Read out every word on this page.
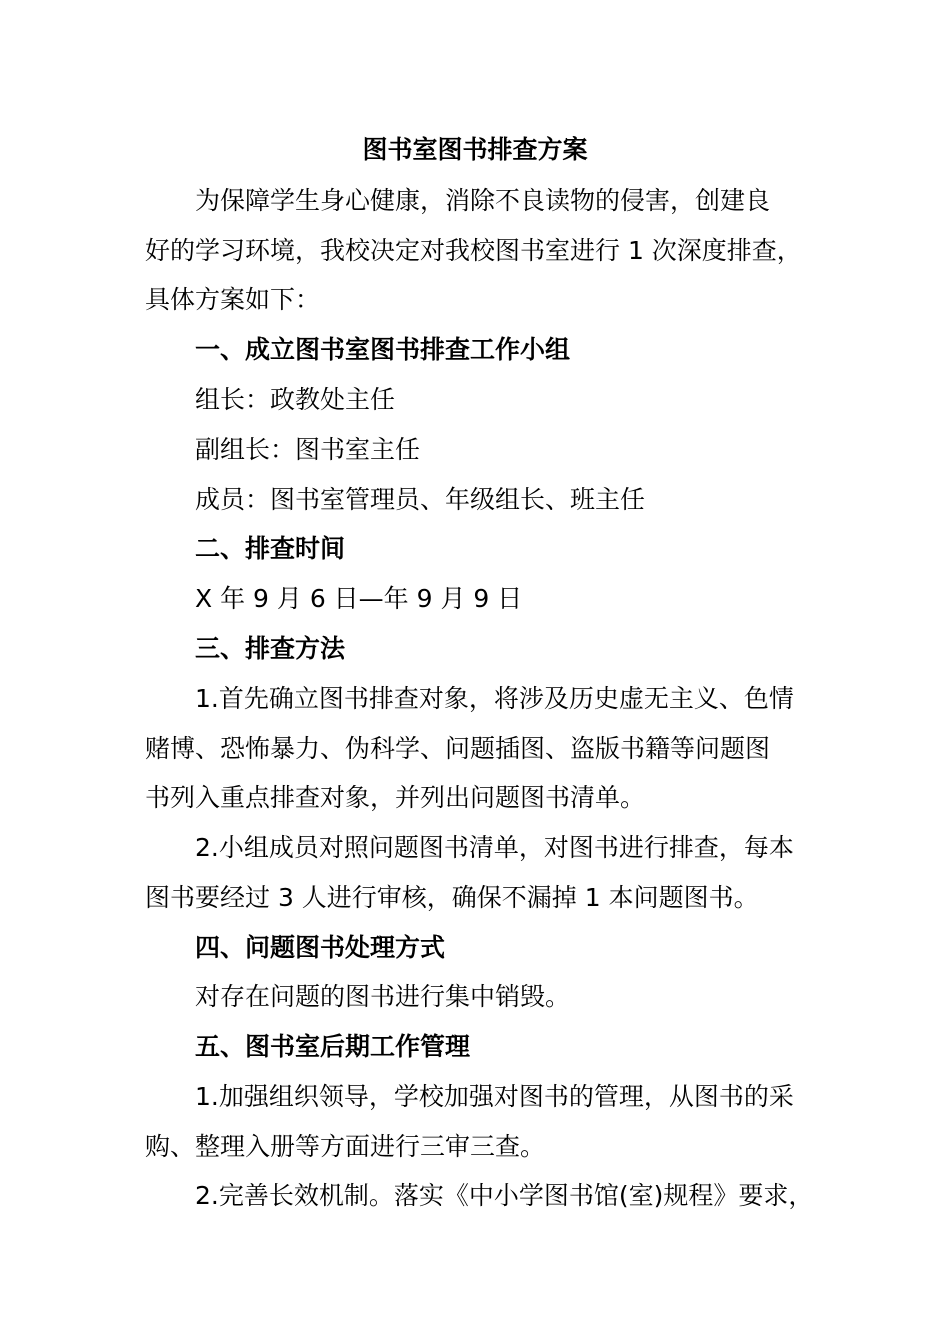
图书室图书排查方案

为保障学生身心健康，消除不良读物的侵害，创建良

好的学习环境，我校决定对我校图书室进行 1 次深度排查，

具体方案如下：

一、成立图书室图书排查工作小组

组长：政教处主任

副组长：图书室主任

成员：图书室管理员、年级组长、班主任

二、排查时间

X 年 9 月 6 日—年 9 月 9 日

三、排查方法

1.首先确立图书排查对象，将涉及历史虚无主义、色情

赌博、恐怖暴力、伪科学、问题插图、盗版书籍等问题图

书列入重点排查对象，并列出问题图书清单。

2.小组成员对照问题图书清单，对图书进行排查，每本

图书要经过 3 人进行审核，确保不漏掉 1 本问题图书。

四、问题图书处理方式

对存在问题的图书进行集中销毁。

五、图书室后期工作管理

1.加强组织领导，学校加强对图书的管理，从图书的采

购、整理入册等方面进行三审三查。

2.完善长效机制。落实《中小学图书馆(室)规程》要求，
